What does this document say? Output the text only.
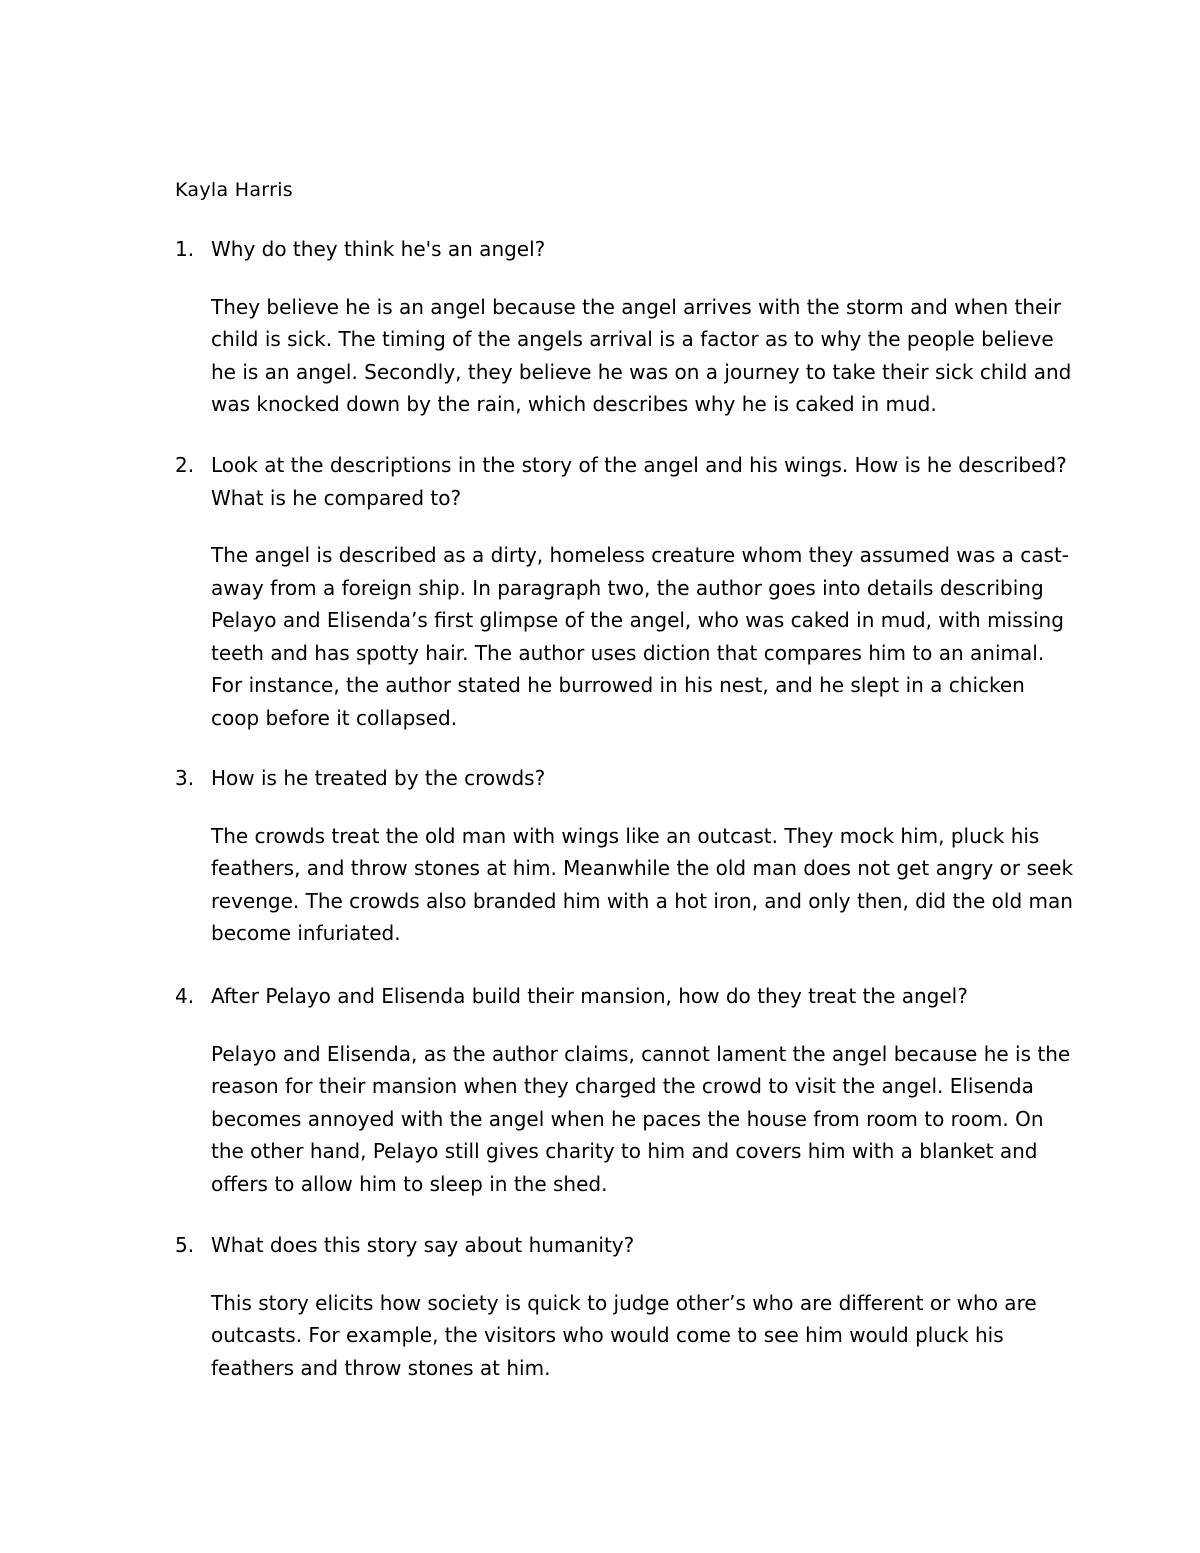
Kayla Harris
1. Why do they think he's an angel?
They believe he is an angel because the angel arrives with the storm and when their child is sick. The timing of the angels arrival is a factor as to why the people believe he is an angel. Secondly, they believe he was on a journey to take their sick child and was knocked down by the rain, which describes why he is caked in mud.
2. Look at the descriptions in the story of the angel and his wings. How is he described? What is he compared to?
The angel is described as a dirty, homeless creature whom they assumed was a cast-away from a foreign ship. In paragraph two, the author goes into details describing Pelayo and Elisenda’s first glimpse of the angel, who was caked in mud, with missing teeth and has spotty hair. The author uses diction that compares him to an animal. For instance, the author stated he burrowed in his nest, and he slept in a chicken coop before it collapsed.
3. How is he treated by the crowds?
The crowds treat the old man with wings like an outcast. They mock him, pluck his feathers, and throw stones at him. Meanwhile the old man does not get angry or seek revenge. The crowds also branded him with a hot iron, and only then, did the old man become infuriated.
4. After Pelayo and Elisenda build their mansion, how do they treat the angel?
Pelayo and Elisenda, as the author claims, cannot lament the angel because he is the reason for their mansion when they charged the crowd to visit the angel. Elisenda becomes annoyed with the angel when he paces the house from room to room. On the other hand, Pelayo still gives charity to him and covers him with a blanket and offers to allow him to sleep in the shed.
5. What does this story say about humanity?
This story elicits how society is quick to judge other’s who are different or who are outcasts. For example, the visitors who would come to see him would pluck his feathers and throw stones at him.
